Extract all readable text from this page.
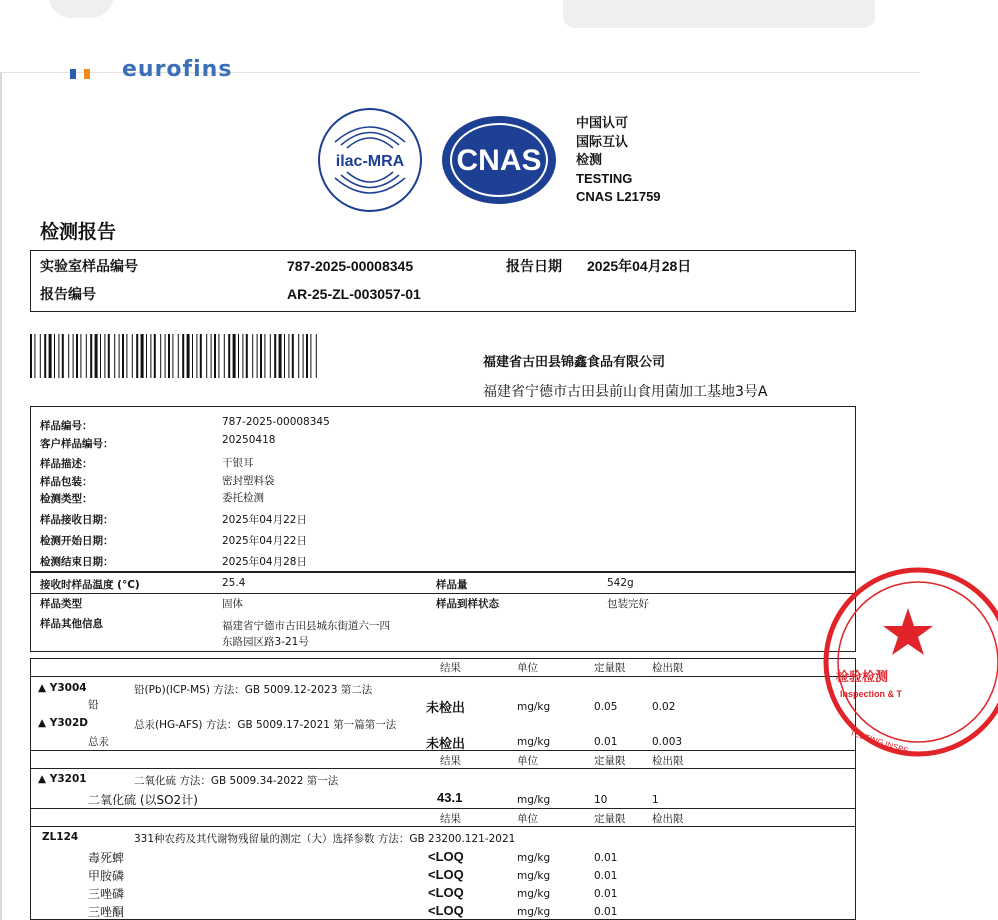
eurofins
ilac-MRA CNAS
中国认可
国际互认
检测
TESTING
CNAS L21759
检测报告
实验室样品编号	787-2025-00008345	报告日期 2025年04月28日
报告编号	AR-25-ZL-003057-01
福建省古田县锦鑫食品有限公司
福建省宁德市古田县前山食用菌加工基地3号A
样品编号：	787-2025-00008345
客户样品编号：	20250418
样品描述：	干银耳
样品包装：	密封塑料袋
检测类型：	委托检测
样品接收日期：	2025年04月22日
检测开始日期：	2025年04月22日
检测结束日期：	2025年04月28日
接收时样品温度 (°C)	25.4	样品量	542g
样品类型	固体	样品到样状态	包装完好
样品其他信息	福建省宁德市古田县城东街道六一四
东路园区路3-21号
结果	单位	定量限	检出限
▲ Y3004	铅(Pb)(ICP-MS) 方法：GB 5009.12-2023 第二法
铅	未检出	mg/kg	0.05	0.02
▲ Y302D	总汞(HG-AFS) 方法：GB 5009.17-2021 第一篇第一法
总汞	未检出	mg/kg	0.01	0.003
结果	单位	定量限	检出限
▲ Y3201	二氧化硫 方法：GB 5009.34-2022 第一法
二氧化硫 (以SO2计)	43.1	mg/kg	10	1
结果	单位	定量限	检出限
ZL124	331种农药及其代谢物残留量的测定（大）选择参数 方法：GB 23200.121-2021
毒死蜱	<LOQ	mg/kg	0.01
甲胺磷	<LOQ	mg/kg	0.01
三唑磷	<LOQ	mg/kg	0.01
三唑酮	<LOQ	mg/kg	0.01
检验检测
Inspection & T
TESTING INSPE
